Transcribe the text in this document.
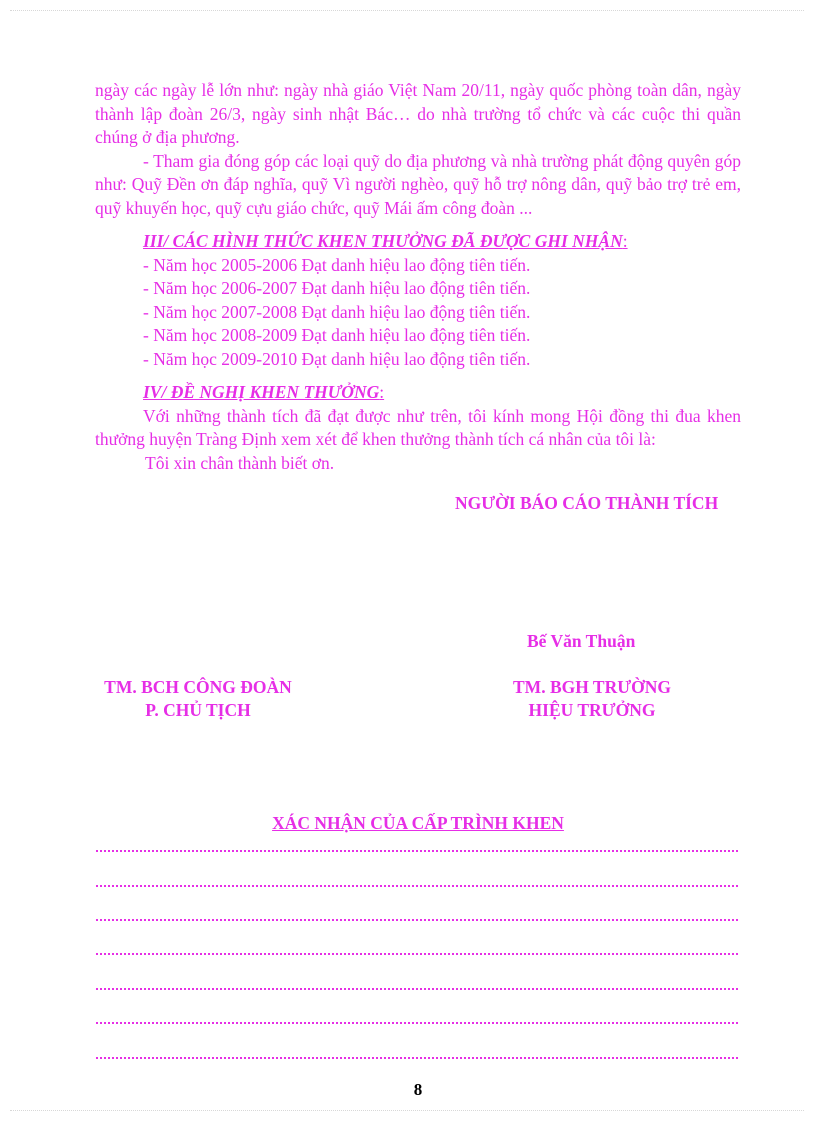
ngày các ngày lễ lớn như: ngày nhà giáo Việt Nam 20/11, ngày quốc phòng toàn dân, ngày thành lập đoàn 26/3, ngày sinh nhật Bác… do nhà trường tổ chức và các cuộc thi quần chúng ở địa phương.

- Tham gia đóng góp các loại quỹ do địa phương và nhà trường phát động quyên góp như: Quỹ Đền ơn đáp nghĩa, quỹ Vì người nghèo, quỹ hỗ trợ nông dân, quỹ bảo trợ trẻ em, quỹ khuyến học, quỹ cựu giáo chức, quỹ Mái ấm công đoàn ...

III/ CÁC HÌNH THỨC KHEN THƯỞNG ĐÃ ĐƯỢC GHI NHẬN:

- Năm học 2005-2006 Đạt danh hiệu lao động tiên tiến.
- Năm học 2006-2007 Đạt danh hiệu lao động tiên tiến.
- Năm học 2007-2008 Đạt danh hiệu lao động tiên tiến.
- Năm học 2008-2009 Đạt danh hiệu lao động tiên tiến.
- Năm học 2009-2010 Đạt danh hiệu lao động tiên tiến.

IV/ ĐỀ NGHỊ KHEN THƯỞNG:

Với những thành tích đã đạt được như trên, tôi kính mong Hội đồng thi đua khen thưởng huyện Tràng Định xem xét để khen thưởng thành tích cá nhân của tôi là:

Tôi xin chân thành biết ơn.

NGƯỜI BÁO CÁO THÀNH TÍCH
Bế Văn Thuận
TM. BCH CÔNG ĐOÀN
P. CHỦ TỊCH
TM. BGH TRƯỜNG
HIỆU TRƯỞNG
XÁC NHẬN CỦA CẤP TRÌNH KHEN
8
